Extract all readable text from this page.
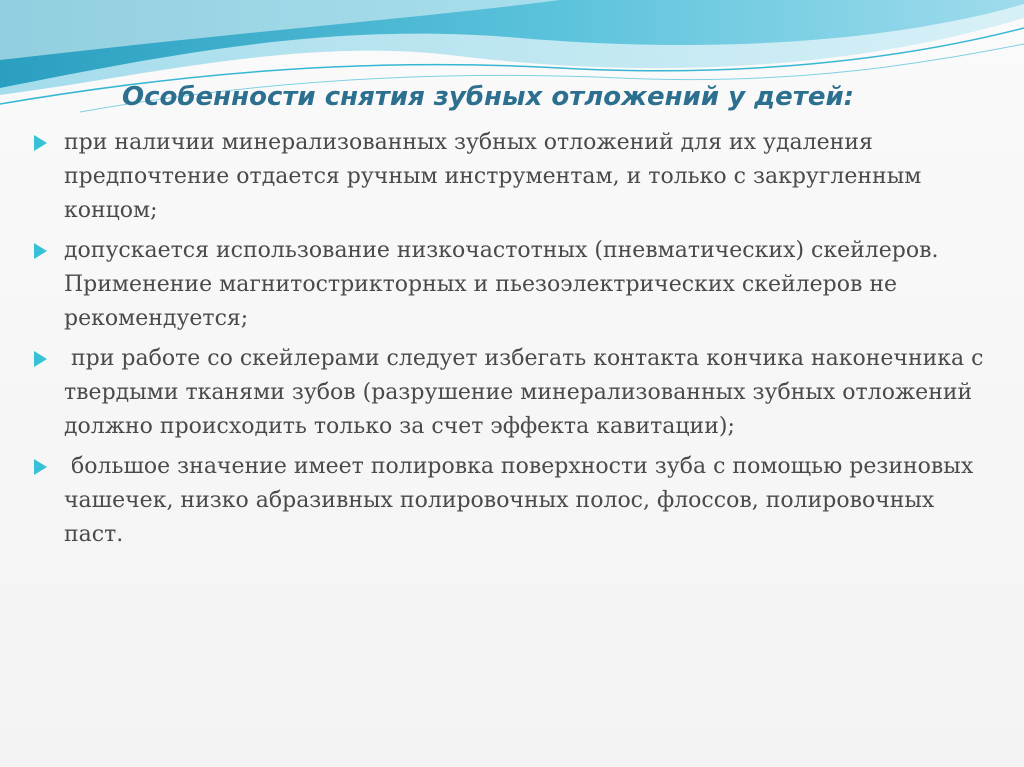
Особенности снятия зубных отложений у детей:
при наличии минерализованных зубных отложений для их удаления предпочтение отдается ручным инструментам, и только с закругленным концом;
допускается использование низкочастотных (пневматических) скейлеров. Применение магнитострикторных и пьезоэлектрических скейлеров не рекомендуется;
при работе со скейлерами следует избегать контакта кончика наконечника с твердыми тканями зубов (разрушение минерализованных зубных отложений должно происходить только за счет эффекта кавитации);
большое значение имеет полировка поверхности зуба с помощью резиновых чашечек, низко абразивных полировочных полос, флоссов, полировочных паст.
